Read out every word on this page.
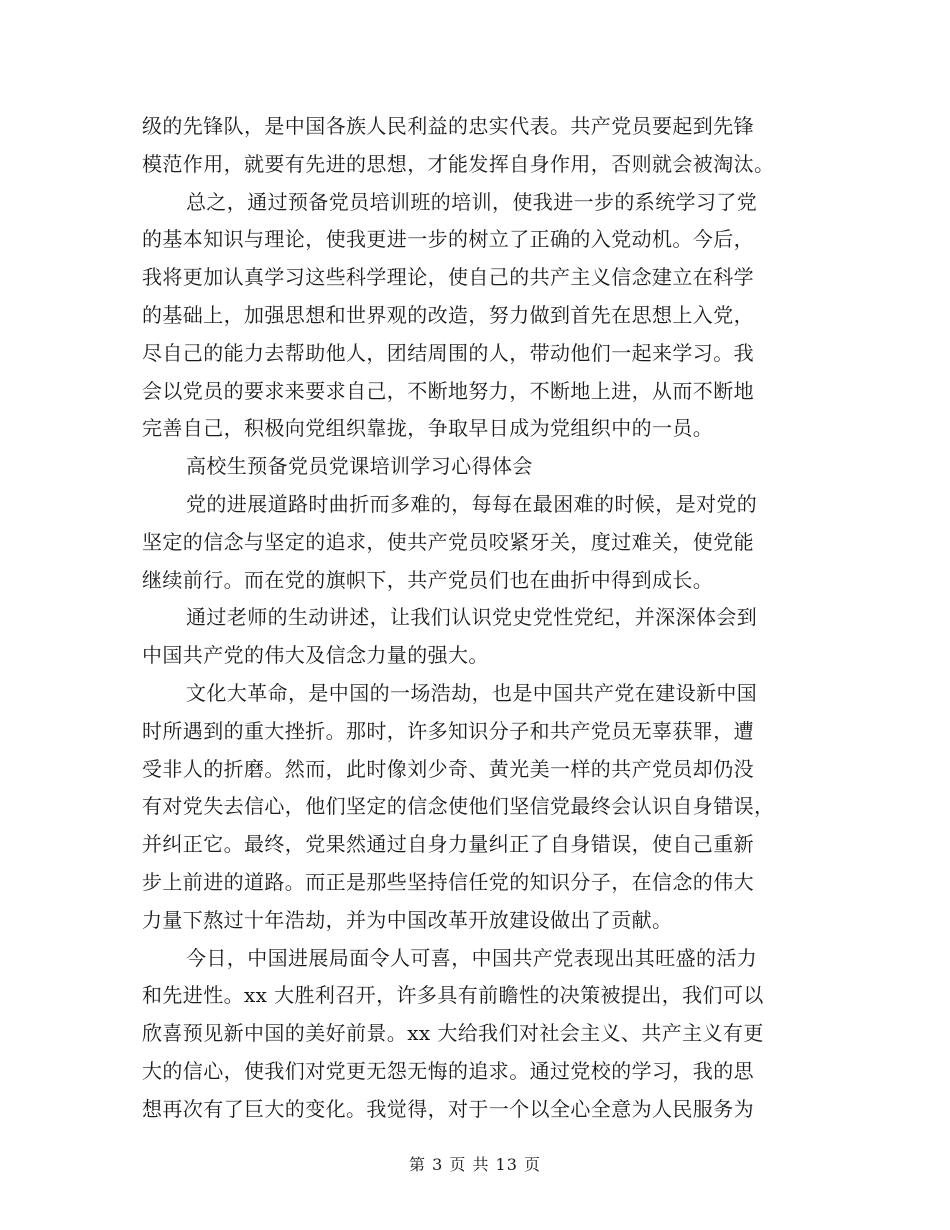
级的先锋队，是中国各族人民利益的忠实代表。共产党员要起到先锋
模范作用，就要有先进的思想，才能发挥自身作用，否则就会被淘汰。
总之，通过预备党员培训班的培训，使我进一步的系统学习了党
的基本知识与理论，使我更进一步的树立了正确的入党动机。今后，
我将更加认真学习这些科学理论，使自己的共产主义信念建立在科学
的基础上，加强思想和世界观的改造，努力做到首先在思想上入党，
尽自己的能力去帮助他人，团结周围的人，带动他们一起来学习。我
会以党员的要求来要求自己，不断地努力，不断地上进，从而不断地
完善自己，积极向党组织靠拢，争取早日成为党组织中的一员。
高校生预备党员党课培训学习心得体会
党的进展道路时曲折而多难的，每每在最困难的时候，是对党的
坚定的信念与坚定的追求，使共产党员咬紧牙关，度过难关，使党能
继续前行。而在党的旗帜下，共产党员们也在曲折中得到成长。
通过老师的生动讲述，让我们认识党史党性党纪，并深深体会到
中国共产党的伟大及信念力量的强大。
文化大革命，是中国的一场浩劫，也是中国共产党在建设新中国
时所遇到的重大挫折。那时，许多知识分子和共产党员无辜获罪，遭
受非人的折磨。然而，此时像刘少奇、黄光美一样的共产党员却仍没
有对党失去信心，他们坚定的信念使他们坚信党最终会认识自身错误，
并纠正它。最终，党果然通过自身力量纠正了自身错误，使自己重新
步上前进的道路。而正是那些坚持信任党的知识分子，在信念的伟大
力量下熬过十年浩劫，并为中国改革开放建设做出了贡献。
今日，中国进展局面令人可喜，中国共产党表现出其旺盛的活力
和先进性。xx 大胜利召开，许多具有前瞻性的决策被提出，我们可以
欣喜预见新中国的美好前景。xx 大给我们对社会主义、共产主义有更
大的信心，使我们对党更无怨无悔的追求。通过党校的学习，我的思
想再次有了巨大的变化。我觉得，对于一个以全心全意为人民服务为
第 3 页 共 13 页
